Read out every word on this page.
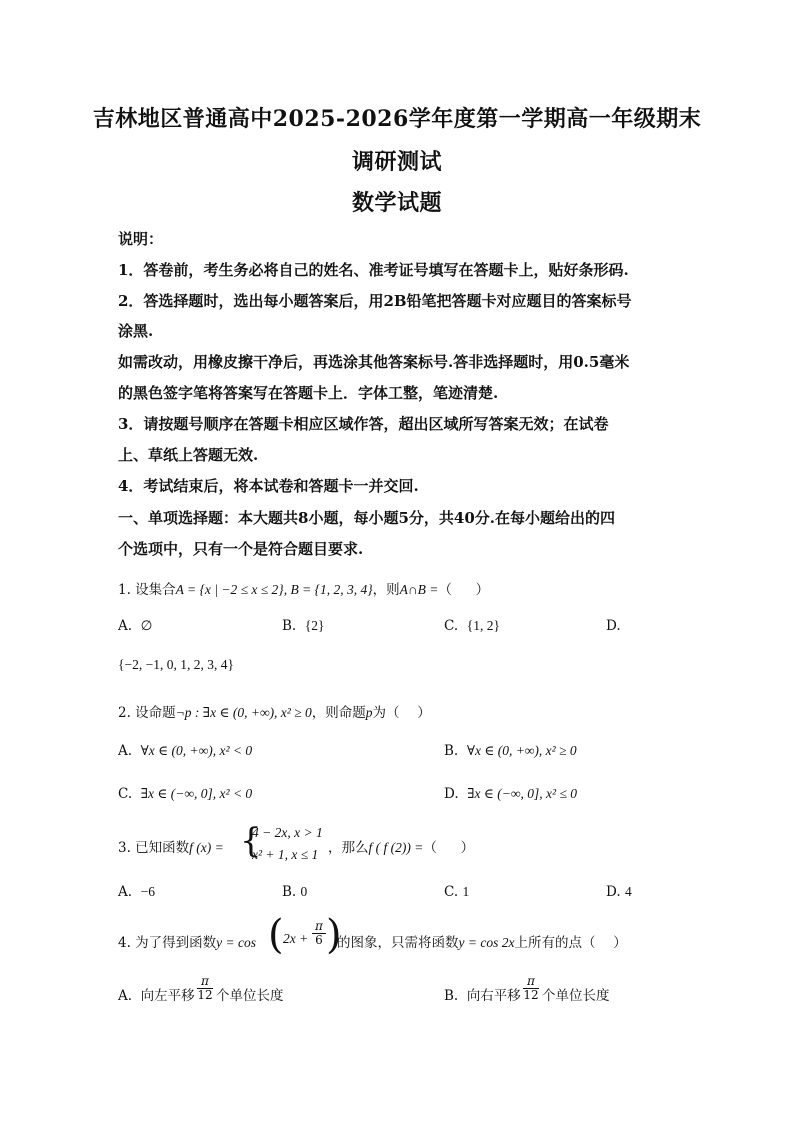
吉林地区普通高中2025-2026学年度第一学期高一年级期末
调研测试
数学试题
说明：
1．答卷前，考生务必将自己的姓名、准考证号填写在答题卡上，贴好条形码.
2．答选择题时，选出每小题答案后，用2B铅笔把答题卡对应题目的答案标号
涂黑.
如需改动，用橡皮擦干净后，再选涂其他答案标号.答非选择题时，用0.5毫米
的黑色签字笔将答案写在答题卡上．字体工整，笔迹清楚.
3．请按题号顺序在答题卡相应区域作答，超出区域所写答案无效；在试卷
上、草纸上答题无效.
4．考试结束后，将本试卷和答题卡一并交回.
一、单项选择题：本大题共8小题，每小题5分，共40分.在每小题给出的四
个选项中，只有一个是符合题目要求.
1. 设集合A = {x | −2 ≤ x ≤ 2}, B = {1, 2, 3, 4}，则A∩B =（　 ）
A. ∅	B. {2}	C. {1, 2}	D.
{−2, −1, 0, 1, 2, 3, 4}
2. 设命题¬p : ∃x ∈ (0, +∞), x² ≥ 0，则命题p为（　 ）
A. ∀x ∈ (0, +∞), x² < 0	B. ∀x ∈ (0, +∞), x² ≥ 0
C. ∃x ∈ (−∞, 0], x² < 0	D. ∃x ∈ (−∞, 0], x² ≤ 0
3. 已知函数f (x) = {
4 − 2x, x > 1
x² + 1, x ≤ 1 ，那么f ( f (2)) =（　 ）
A. −6	B. 0	C. 1	D. 4
4. 为了得到函数y = cos ( $2x + \frac{\pi}{6}$ )
的图象，只需将函数y = cos 2x上所有的点（　 ）
A. 向左平移 $\frac{\pi}{12}$ 个单位长度	B. 向右平移 $\frac{\pi}{12}$ 个单位长度
